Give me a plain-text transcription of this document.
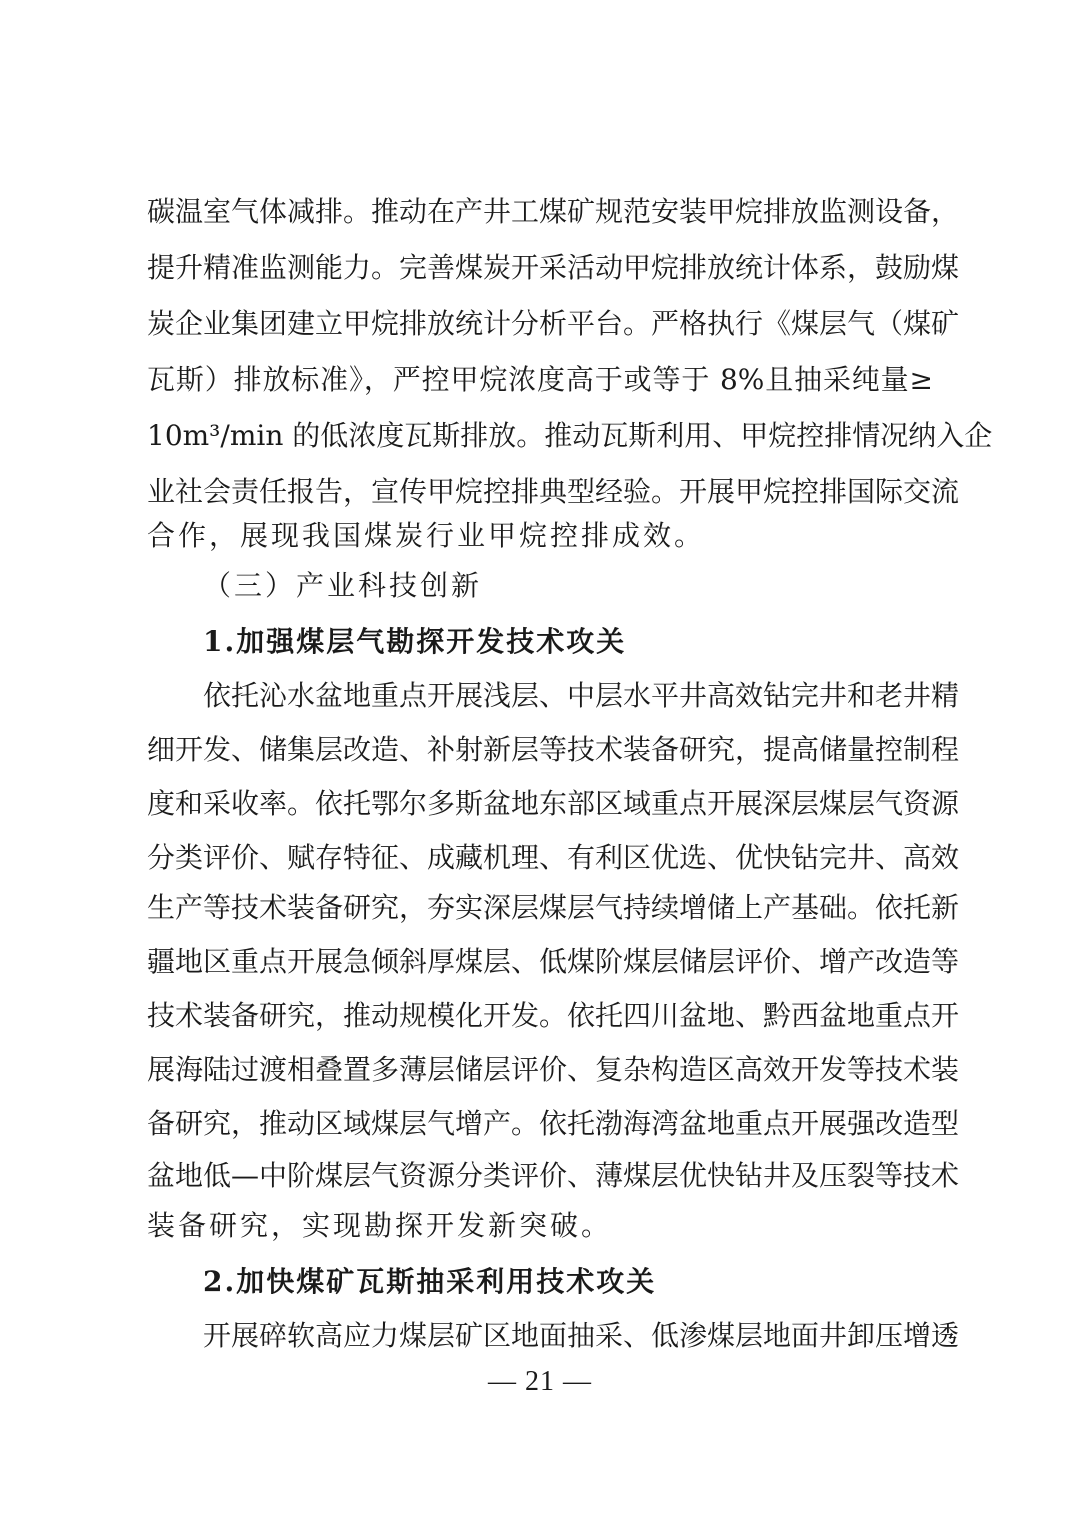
碳温室气体减排。推动在产井工煤矿规范安装甲烷排放监测设备，
提升精准监测能力。完善煤炭开采活动甲烷排放统计体系，鼓励煤
炭企业集团建立甲烷排放统计分析平台。严格执行《煤层气（煤矿
瓦斯）排放标准》，严控甲烷浓度高于或等于 8%且抽采纯量≥
10m³/min 的低浓度瓦斯排放。推动瓦斯利用、甲烷控排情况纳入企
业社会责任报告，宣传甲烷控排典型经验。开展甲烷控排国际交流
合作，展现我国煤炭行业甲烷控排成效。
（三）产业科技创新
1.加强煤层气勘探开发技术攻关
依托沁水盆地重点开展浅层、中层水平井高效钻完井和老井精
细开发、储集层改造、补射新层等技术装备研究，提高储量控制程
度和采收率。依托鄂尔多斯盆地东部区域重点开展深层煤层气资源
分类评价、赋存特征、成藏机理、有利区优选、优快钻完井、高效
生产等技术装备研究，夯实深层煤层气持续增储上产基础。依托新
疆地区重点开展急倾斜厚煤层、低煤阶煤层储层评价、增产改造等
技术装备研究，推动规模化开发。依托四川盆地、黔西盆地重点开
展海陆过渡相叠置多薄层储层评价、复杂构造区高效开发等技术装
备研究，推动区域煤层气增产。依托渤海湾盆地重点开展强改造型
盆地低—中阶煤层气资源分类评价、薄煤层优快钻井及压裂等技术
装备研究，实现勘探开发新突破。
2.加快煤矿瓦斯抽采利用技术攻关
开展碎软高应力煤层矿区地面抽采、低渗煤层地面井卸压增透
— 21 —
